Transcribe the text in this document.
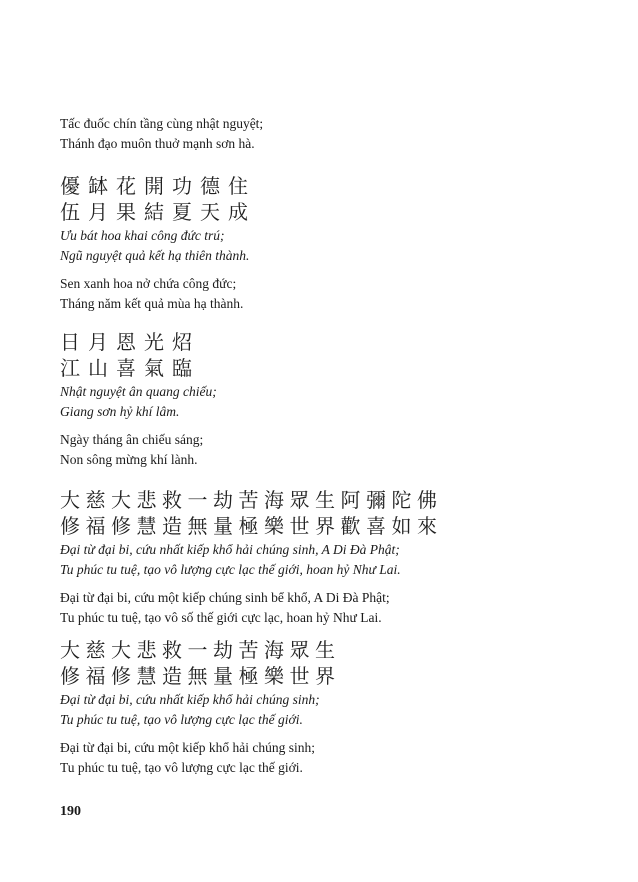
Tấc đuốc chín tầng cùng nhật nguyệt;
Thánh đạo muôn thuở mạnh sơn hà.
優缽花開功德住
伍月果結夏天成
Ưu bát hoa khai công đức trú;
Ngũ nguyệt quả kết hạ thiên thành.
Sen xanh hoa nở chứa công đức;
Tháng năm kết quả mùa hạ thành.
日月恩光炤
江山喜氣臨
Nhật nguyệt ân quang chiếu;
Giang sơn hỷ khí lâm.
Ngày tháng ân chiếu sáng;
Non sông mừng khí lành.
大慈大悲救一劫苦海眾生阿彌陀佛
修福修慧造無量極樂世界歡喜如來
Đại từ đại bi, cứu nhất kiếp khổ hải chúng sinh, A Di Đà Phật;
Tu phúc tu tuệ, tạo vô lượng cực lạc thế giới, hoan hỷ Như Lai.
Đại từ đại bi, cứu một kiếp chúng sinh bể khổ, A Di Đà Phật;
Tu phúc tu tuệ, tạo vô số thế giới cực lạc, hoan hỷ Như Lai.
大慈大悲救一劫苦海眾生
修福修慧造無量極樂世界
Đại từ đại bi, cứu nhất kiếp khổ hải chúng sinh;
Tu phúc tu tuệ, tạo vô lượng cực lạc thế giới.
Đại từ đại bi, cứu một kiếp khổ hải chúng sinh;
Tu phúc tu tuệ, tạo vô lượng cực lạc thế giới.
190
